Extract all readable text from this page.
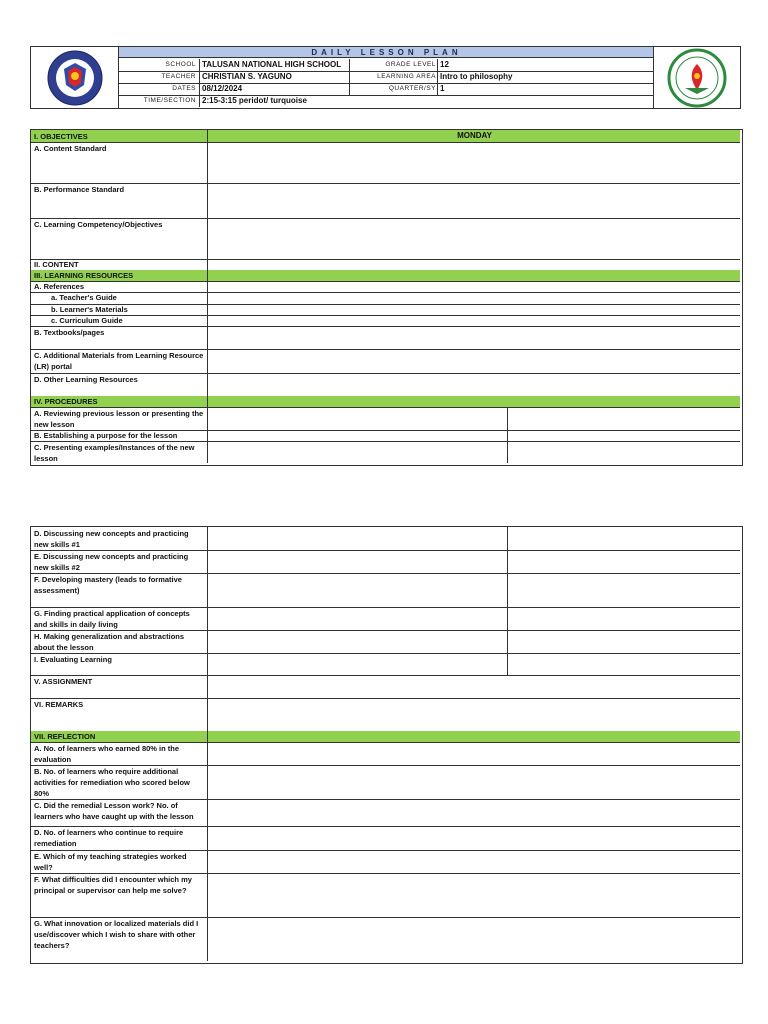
DAILY LESSON PLAN
SCHOOL TALUSAN NATIONAL HIGH SCHOOL	GRADE LEVEL 12
TEACHER CHRISTIAN S. YAGUNO	LEARNING AREA Intro to philosophy
DATES 08/12/2024	QUARTER/SY 1
TIME/SECTION 2:15-3:15 peridot/ turquoise
I. OBJECTIVES	MONDAY
A. Content Standard
B. Performance Standard
C. Learning Competency/Objectives
II. CONTENT
III. LEARNING RESOURCES
A. References
a. Teacher's Guide
b. Learner's Materials
c. Curriculum Guide
B. Textbooks/pages
C. Additional Materials from Learning Resource (LR) portal
D. Other Learning Resources
IV. PROCEDURES
A. Reviewing previous lesson or presenting the new lesson
B. Establishing a purpose for the lesson
C. Presenting examples/Instances of the new lesson
D. Discussing new concepts and practicing new skills #1
E. Discussing new concepts and practicing new skills #2
F. Developing mastery (leads to formative assessment)
G. Finding practical application of concepts and skills in daily living
H. Making generalization and abstractions about the lesson
I. Evaluating Learning
V. ASSIGNMENT
VI. REMARKS
VII. REFLECTION
A. No. of learners who earned 80% in the evaluation
B. No. of learners who require additional activities for remediation who scored below 80%
C. Did the remedial Lesson work? No. of learners who have caught up with the lesson
D. No. of learners who continue to require remediation
E. Which of my teaching strategies worked well?
F. What difficulties did I encounter which my principal or supervisor can help me solve?
G. What innovation or localized materials did I use/discover which I wish to share with other teachers?
